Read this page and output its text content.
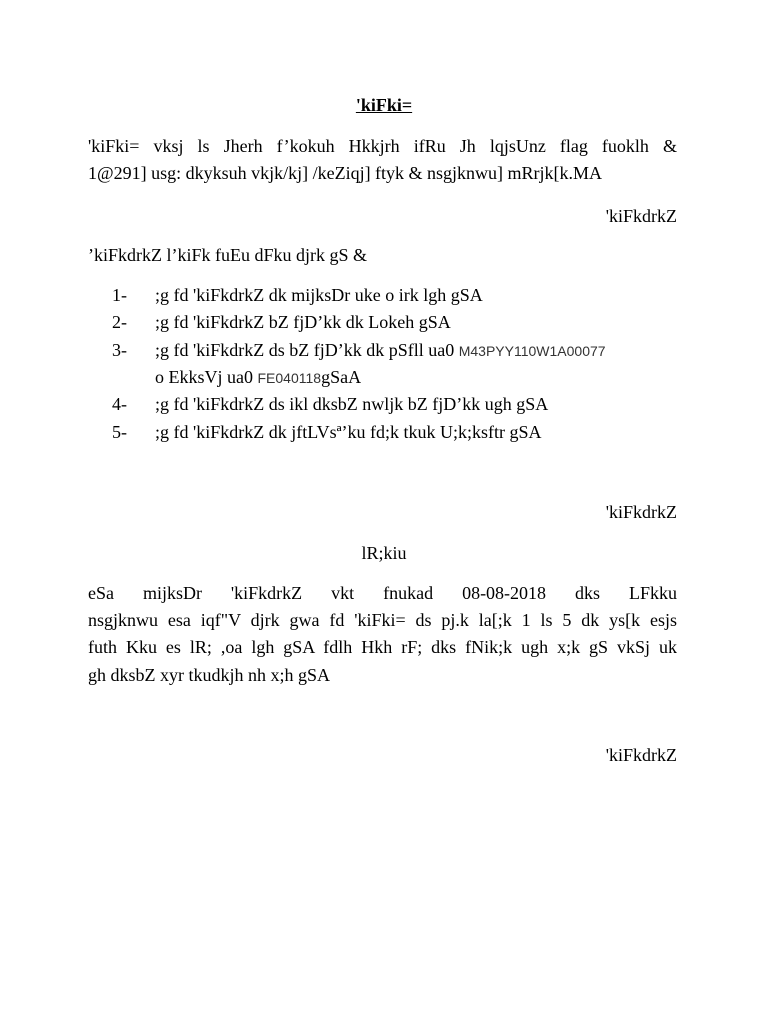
'kiFki=
'kiFki= vksj ls Jherh f’kokuh Hkkjrh ifRu Jh lqjsUnz flag fuoklh &
1@291] usg: dkyksuh vkjk/kj] /keZiqj] ftyk & nsgjknwu] mRrjk[k.MA
'kiFkdrkZ
’kiFkdrkZ l’kiFk fuEu dFku djrk gS &
1- ;g fd 'kiFkdrkZ dk mijksDr uke o irk lgh gSA
2- ;g fd 'kiFkdrkZ bZ fjD’kk dk Lokeh gSA
3- ;g fd 'kiFkdrkZ ds bZ fjD’kk dk pSfll ua0 M43PYY110W1A00077
o EkksVj ua0 FE040118gSaA
4- ;g fd 'kiFkdrkZ ds ikl dksbZ nwljk bZ fjD’kk ugh gSA
5- ;g fd 'kiFkdrkZ dk jftLVsª’ku fd;k tkuk U;k;ksftr gSA
'kiFkdrkZ
lR;kiu
eSa mijksDr 'kiFkdrkZ vkt fnukad 08-08-2018 dks LFkku
nsgjknwu esa iqf"V djrk gwa fd 'kiFki= ds pj.k la[;k 1 ls 5 dk ys[k esjs
futh Kku es lR; ,oa lgh gSA fdlh Hkh rF; dks fNik;k ugh x;k gS vkSj uk
gh dksbZ xyr tkudkjh nh x;h gSA
'kiFkdrkZ
